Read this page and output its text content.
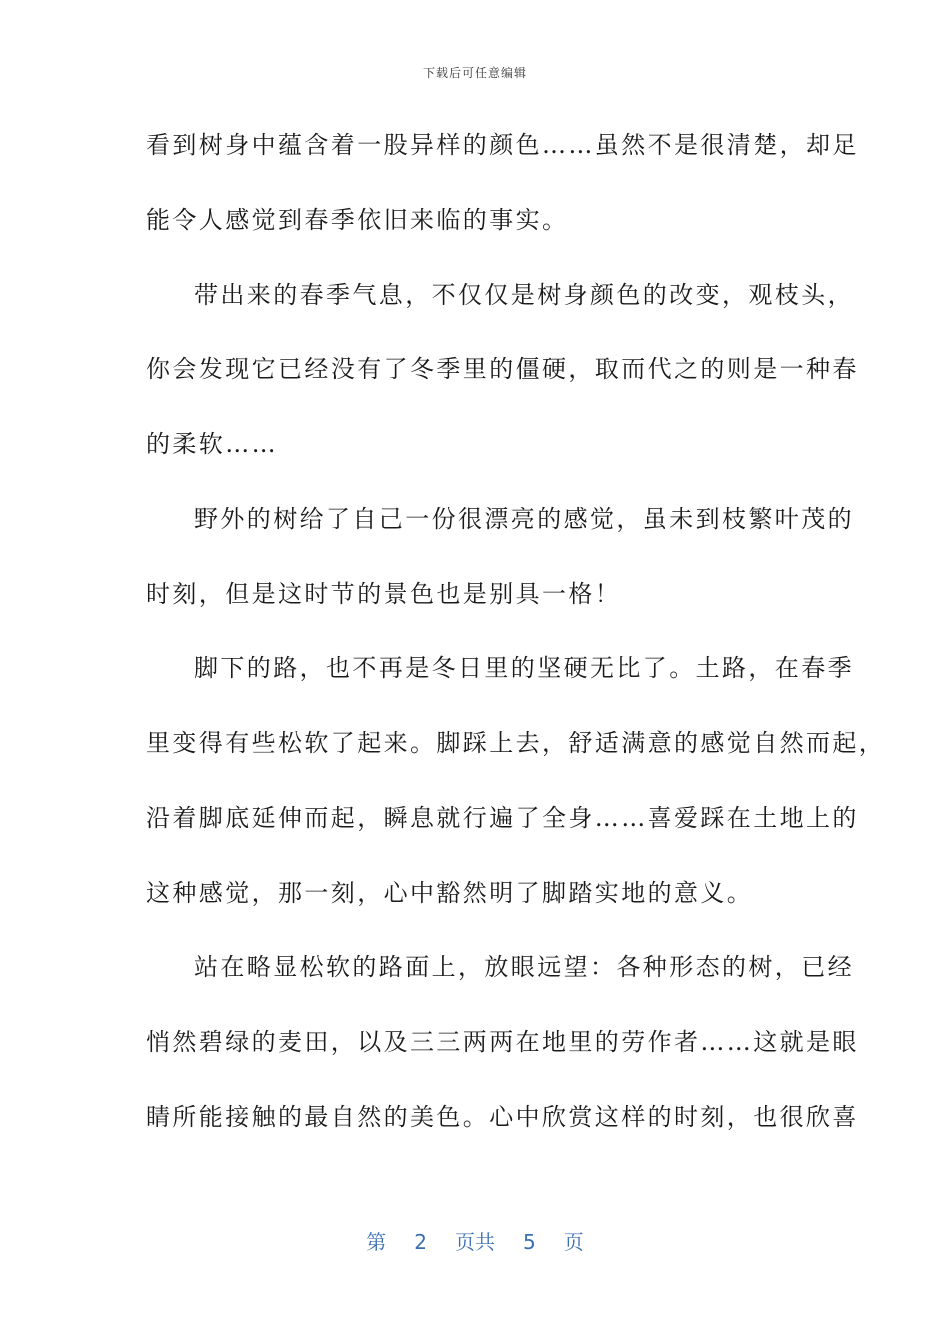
下载后可任意编辑
看到树身中蕴含着一股异样的颜色……虽然不是很清楚，却足
能令人感觉到春季依旧来临的事实。
带出来的春季气息，不仅仅是树身颜色的改变，观枝头，
你会发现它已经没有了冬季里的僵硬，取而代之的则是一种春
的柔软……
野外的树给了自己一份很漂亮的感觉，虽未到枝繁叶茂的
时刻，但是这时节的景色也是别具一格！
脚下的路，也不再是冬日里的坚硬无比了。土路，在春季
里变得有些松软了起来。脚踩上去，舒适满意的感觉自然而起，
沿着脚底延伸而起，瞬息就行遍了全身……喜爱踩在土地上的
这种感觉，那一刻，心中豁然明了脚踏实地的意义。
站在略显松软的路面上，放眼远望：各种形态的树，已经
悄然碧绿的麦田，以及三三两两在地里的劳作者……这就是眼
睛所能接触的最自然的美色。心中欣赏这样的时刻，也很欣喜
第 2 页共 5 页
